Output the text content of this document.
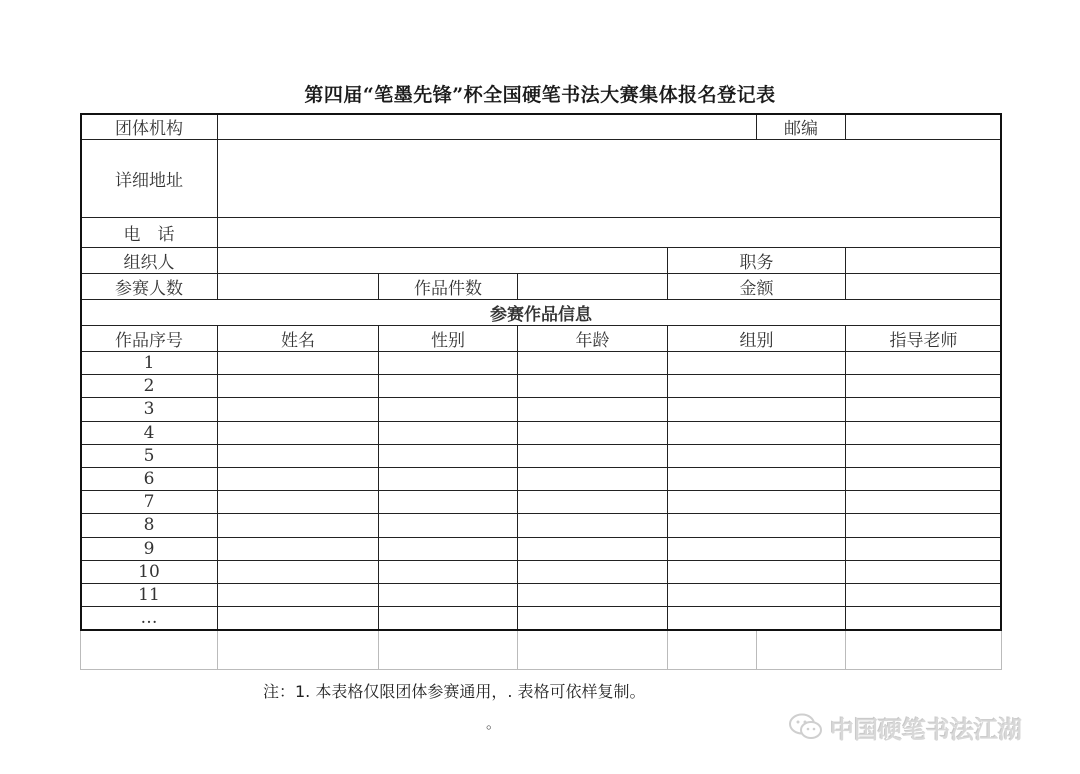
第四届“笔墨先锋”杯全国硬笔书法大赛集体报名登记表
团体机构					邮编	
详细地址						
电　话						
组织人				职务		
参赛人数		作品件数		金额		
参赛作品信息						
作品序号	姓名	性别	年龄	组别		指导老师
1						
2						
3						
4						
5						
6						
7						
8						
9						
10						
11						
…						

注：1. 本表格仅限团体参赛通用，. 表格可依样复制。
。	中国硬笔书法江湖
